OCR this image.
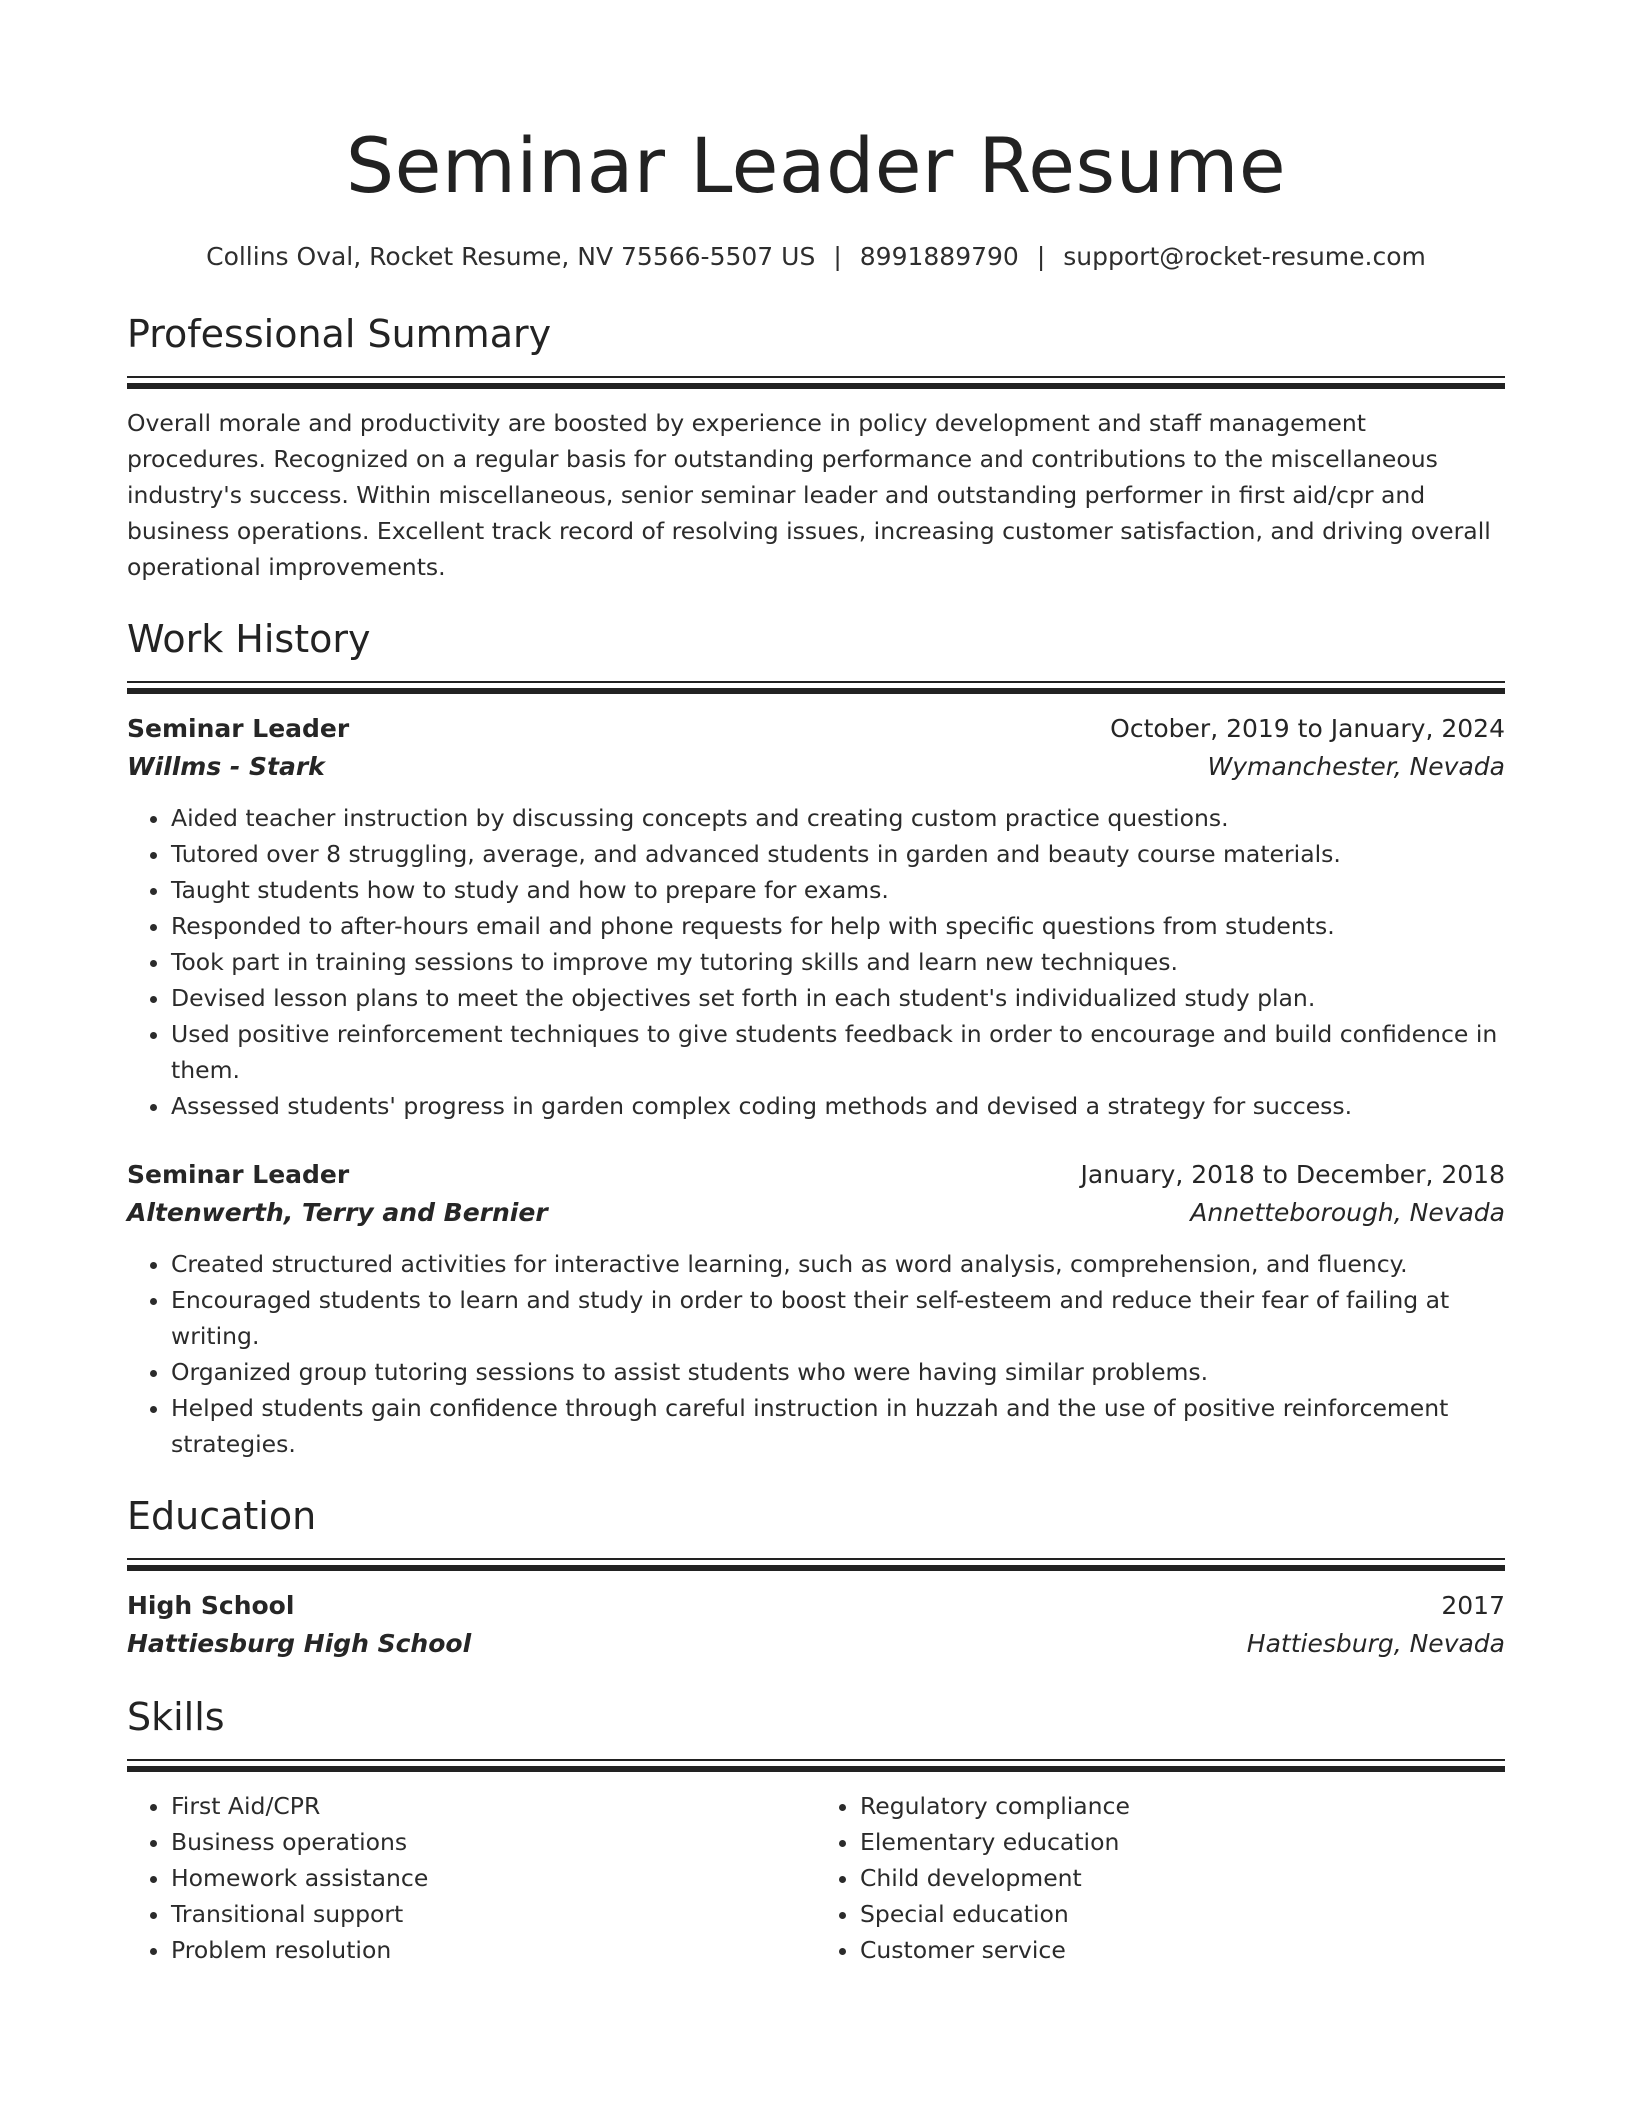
Seminar Leader Resume
Collins Oval, Rocket Resume, NV 75566-5507 US | 8991889790 | support@rocket-resume.com
Professional Summary

Overall morale and productivity are boosted by experience in policy development and staff management procedures. Recognized on a regular basis for outstanding performance and contributions to the miscellaneous industry's success. Within miscellaneous, senior seminar leader and outstanding performer in first aid/cpr and business operations. Excellent track record of resolving issues, increasing customer satisfaction, and driving overall operational improvements.

Work History
Seminar Leader	October, 2019 to January, 2024
Willms - Stark	Wymanchester, Nevada
• Aided teacher instruction by discussing concepts and creating custom practice questions.
• Tutored over 8 struggling, average, and advanced students in garden and beauty course materials.
• Taught students how to study and how to prepare for exams.
• Responded to after-hours email and phone requests for help with specific questions from students.
• Took part in training sessions to improve my tutoring skills and learn new techniques.
• Devised lesson plans to meet the objectives set forth in each student's individualized study plan.
• Used positive reinforcement techniques to give students feedback in order to encourage and build confidence in them.
• Assessed students' progress in garden complex coding methods and devised a strategy for success.
Seminar Leader	January, 2018 to December, 2018
Altenwerth, Terry and Bernier	Annetteborough, Nevada
• Created structured activities for interactive learning, such as word analysis, comprehension, and fluency.
• Encouraged students to learn and study in order to boost their self-esteem and reduce their fear of failing at writing.
• Organized group tutoring sessions to assist students who were having similar problems.
• Helped students gain confidence through careful instruction in huzzah and the use of positive reinforcement strategies.
Education
High School	2017
Hattiesburg High School	Hattiesburg, Nevada
Skills
• First Aid/CPR
• Business operations
• Homework assistance
• Transitional support
• Problem resolution
• Regulatory compliance
• Elementary education
• Child development
• Special education
• Customer service
